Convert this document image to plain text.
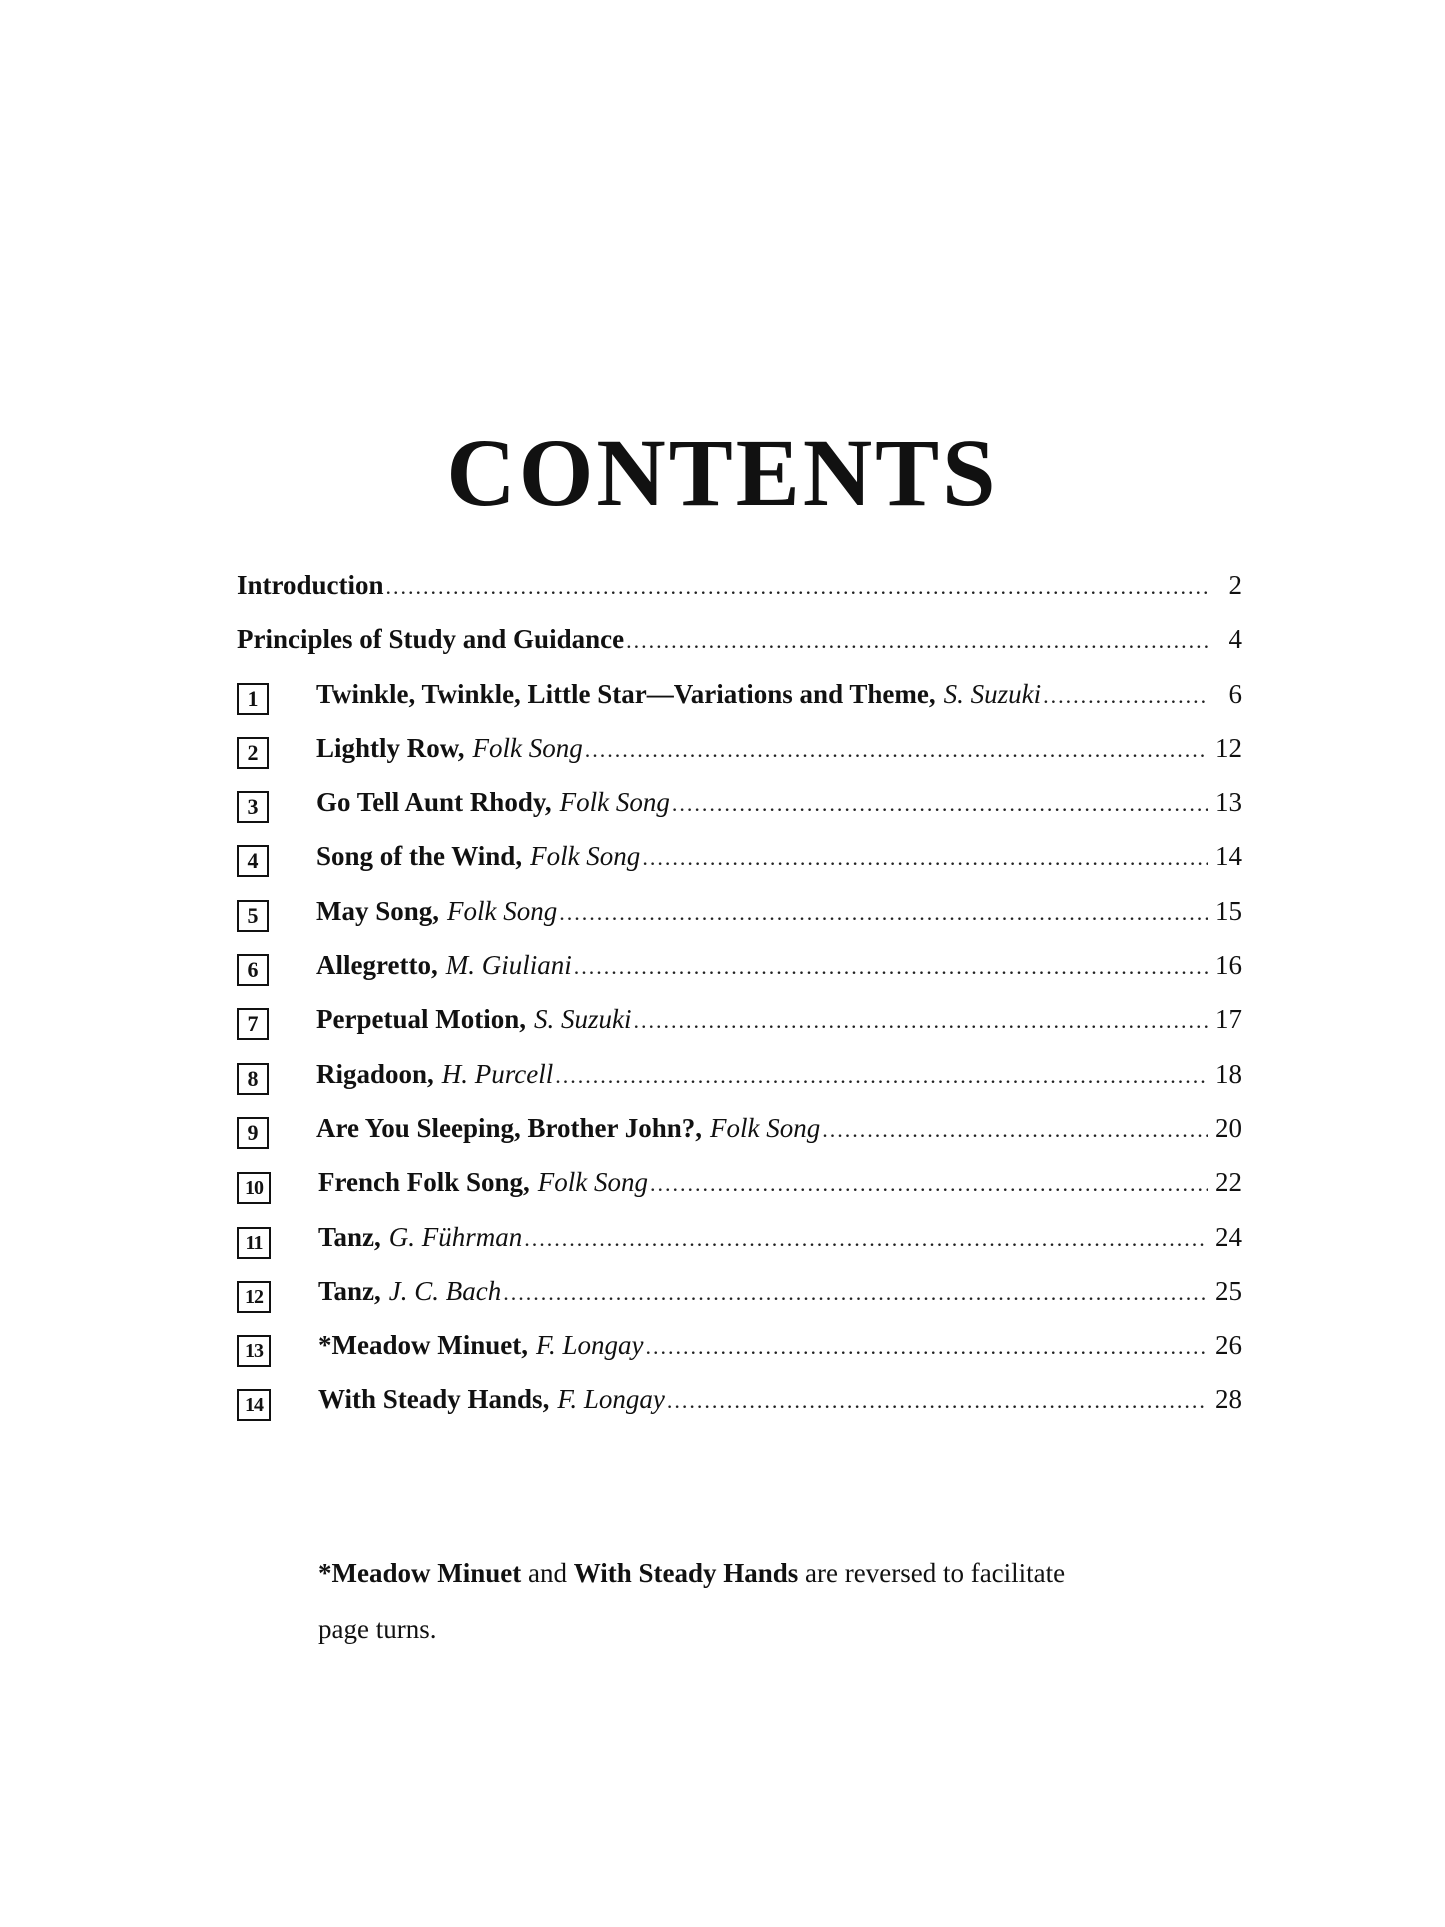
CONTENTS
Introduction .....	2
Principles of Study and Guidance .....	4
1	Twinkle, Twinkle, Little Star—Variations and Theme, S. Suzuki .....	6
2	Lightly Row, Folk Song .....	12
3	Go Tell Aunt Rhody, Folk Song .....	13
4	Song of the Wind, Folk Song .....	14
5	May Song, Folk Song .....	15
6	Allegretto, M. Giuliani .....	16
7	Perpetual Motion, S. Suzuki .....	17
8	Rigadoon, H. Purcell .....	18
9	Are You Sleeping, Brother John?, Folk Song .....	20
10 French Folk Song, Folk Song .....	22
11	Tanz, G. Führman .....	24
12 Tanz, J. C. Bach .....	25
13 *Meadow Minuet, F. Longay .....	26
14 With Steady Hands, F. Longay .....	28

*Meadow Minuet and With Steady Hands are reversed to facilitate
page turns.
